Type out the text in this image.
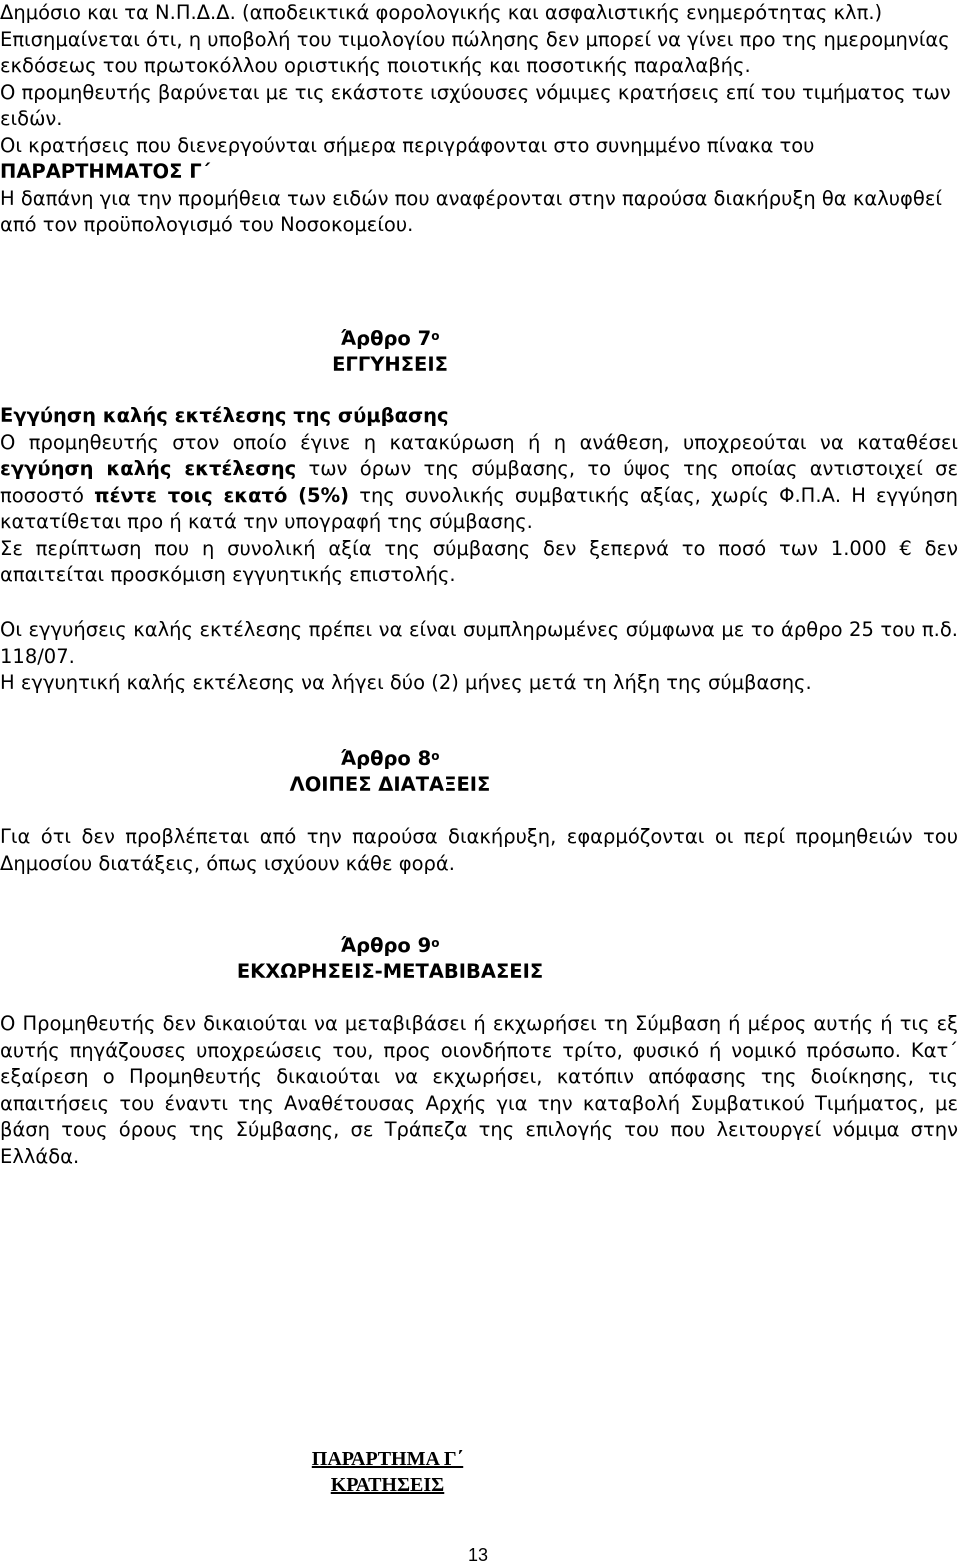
Δημόσιο και τα Ν.Π.Δ.Δ. (αποδεικτικά φορολογικής και ασφαλιστικής ενημερότητας κλπ.)
Επισημαίνεται ότι, η υποβολή του τιμολογίου πώλησης δεν μπορεί να γίνει προ της ημερομηνίας εκδόσεως του πρωτοκόλλου οριστικής ποιοτικής και ποσοτικής παραλαβής.
Ο προμηθευτής βαρύνεται με τις εκάστοτε ισχύουσες νόμιμες κρατήσεις επί του τιμήματος των ειδών.
Οι κρατήσεις που διενεργούνται σήμερα περιγράφονται στο συνημμένο πίνακα του
ΠΑΡΑΡΤΗΜΑΤΟΣ Γ΄
Η δαπάνη για την προμήθεια των ειδών που αναφέρονται στην παρούσα διακήρυξη θα καλυφθεί από τον προϋπολογισμό του Νοσοκομείου.
Άρθρο $7^o$
ΕΓΓΥΗΣΕΙΣ
Εγγύηση καλής εκτέλεσης της σύμβασης
Ο προμηθευτής στον οποίο έγινε η κατακύρωση ή η ανάθεση, υποχρεούται να καταθέσει εγγύηση καλής εκτέλεσης των όρων της σύμβασης, το ύψος της οποίας αντιστοιχεί σε ποσοστό πέντε τοις εκατό (5%) της συνολικής συμβατικής αξίας, χωρίς Φ.Π.Α. Η εγγύηση κατατίθεται προ ή κατά την υπογραφή της σύμβασης.
Σε περίπτωση που η συνολική αξία της σύμβασης δεν ξεπερνά το ποσό των 1.000 € δεν απαιτείται προσκόμιση εγγυητικής επιστολής.
Οι εγγυήσεις καλής εκτέλεσης πρέπει να είναι συμπληρωμένες σύμφωνα με το άρθρο 25 του π.δ. 118/07.
Η εγγυητική καλής εκτέλεσης να λήγει δύο (2) μήνες μετά τη λήξη της σύμβασης.
Άρθρο $8^o$
ΛΟΙΠΕΣ ΔΙΑΤΑΞΕΙΣ
Για ότι δεν προβλέπεται από την παρούσα διακήρυξη, εφαρμόζονται οι περί προμηθειών του Δημοσίου διατάξεις, όπως ισχύουν κάθε φορά.
Άρθρο $9^o$
ΕΚΧΩΡΗΣΕΙΣ-ΜΕΤΑΒΙΒΑΣΕΙΣ
Ο Προμηθευτής δεν δικαιούται να μεταβιβάσει ή εκχωρήσει τη Σύμβαση ή μέρος αυτής ή τις εξ αυτής πηγάζουσες υποχρεώσεις του, προς οιονδήποτε τρίτο, φυσικό ή νομικό πρόσωπο. Κατ΄ εξαίρεση ο Προμηθευτής δικαιούται να εκχωρήσει, κατόπιν απόφασης της διοίκησης, τις απαιτήσεις του έναντι της Αναθέτουσας Αρχής για την καταβολή Συμβατικού Τιμήματος, με βάση τους όρους της Σύμβασης, σε Τράπεζα της επιλογής του που λειτουργεί νόμιμα στην Ελλάδα.
ΠΑΡΑΡΤΗΜΑ Γ΄
ΚΡΑΤΗΣΕΙΣ
13
